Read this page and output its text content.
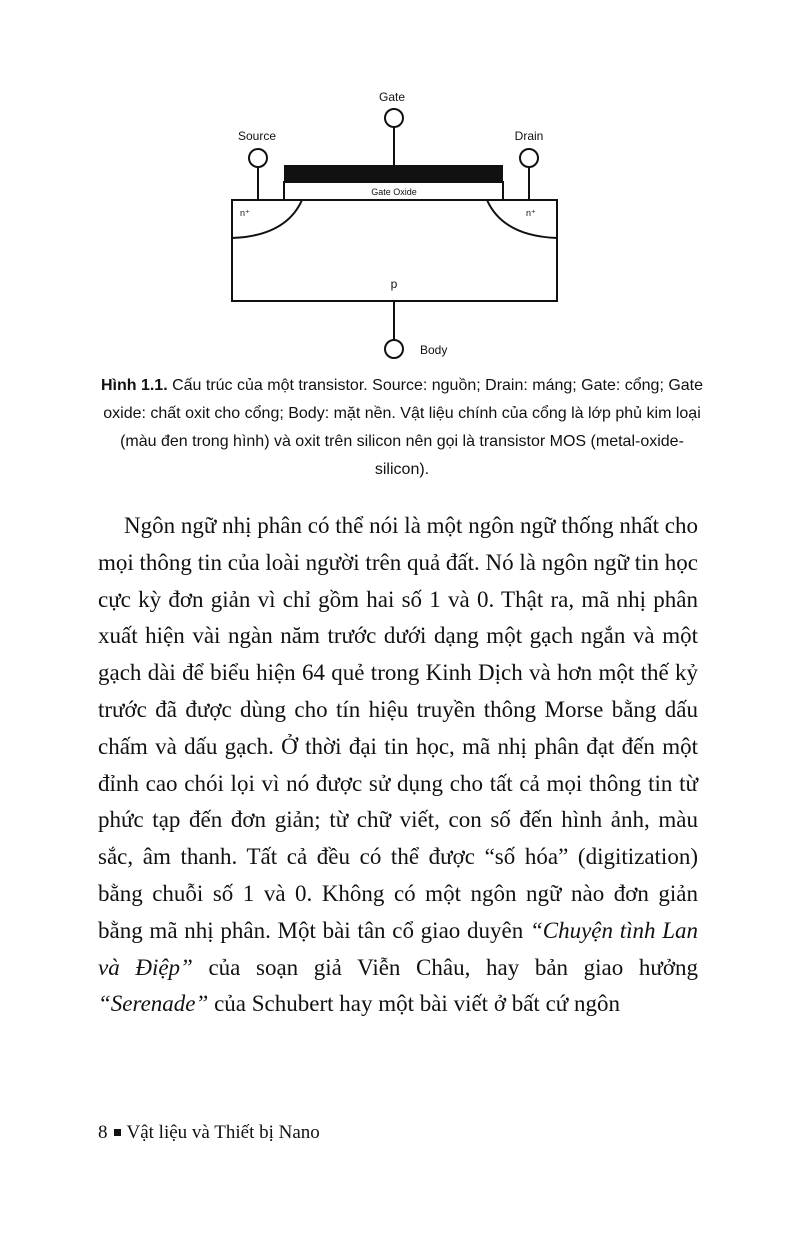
Gate
Source	Drain
Gate Oxide
n⁺	n⁺
p
Body
Hình 1.1. Cấu trúc của một transistor. Source: nguồn; Drain: máng; Gate: cổng; Gate oxide: chất oxit cho cổng; Body: mặt nền. Vật liệu chính của cổng là lớp phủ kim loại (màu đen trong hình) và oxit trên silicon nên gọi là transistor MOS (metal-oxide- silicon).

Ngôn ngữ nhị phân có thể nói là một ngôn ngữ thống nhất cho mọi thông tin của loài người trên quả đất. Nó là ngôn ngữ tin học cực kỳ đơn giản vì chỉ gồm hai số 1 và 0. Thật ra, mã nhị phân xuất hiện vài ngàn năm trước dưới dạng một gạch ngắn và một gạch dài để biểu hiện 64 quẻ trong Kinh Dịch và hơn một thế kỷ trước đã được dùng cho tín hiệu truyền thông Morse bằng dấu chấm và dấu gạch. Ở thời đại tin học, mã nhị phân đạt đến một đỉnh cao chói lọi vì nó được sử dụng cho tất cả mọi thông tin từ phức tạp đến đơn giản; từ chữ viết, con số đến hình ảnh, màu sắc, âm thanh. Tất cả đều có thể được “số hóa” (digitization) bằng chuỗi số 1 và 0. Không có một ngôn ngữ nào đơn giản bằng mã nhị phân. Một bài tân cổ giao duyên “Chuyện tình Lan và Điệp” của soạn giả Viễn Châu, hay bản giao hưởng “Serenade” của Schubert hay một bài viết ở bất cứ ngôn

8 Vật liệu và Thiết bị Nano
